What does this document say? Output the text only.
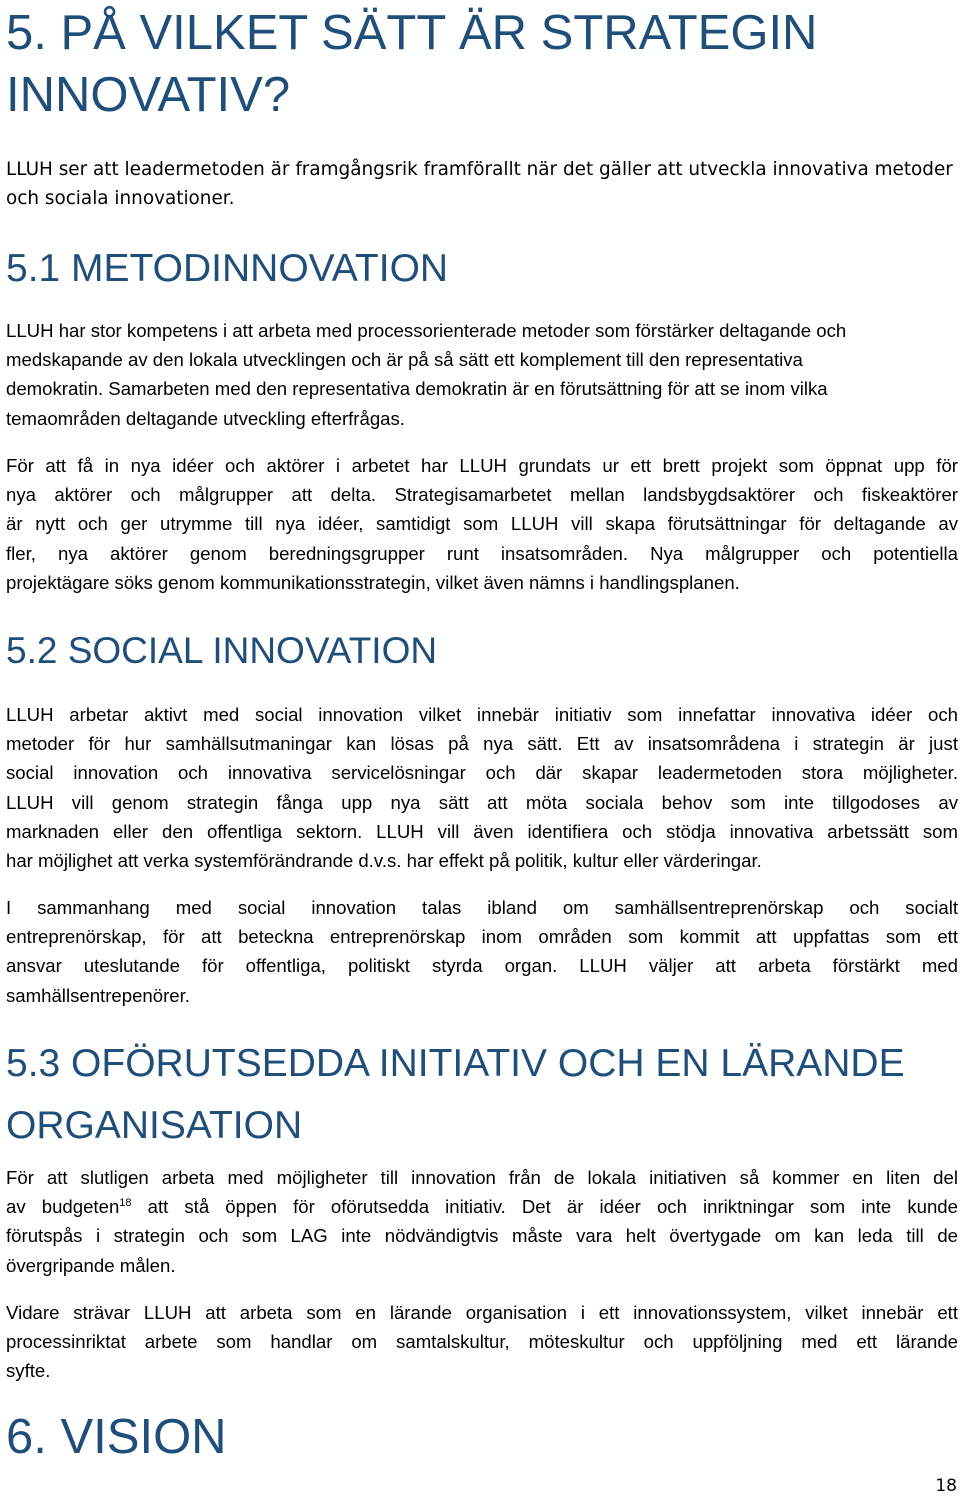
5. PÅ VILKET SÄTT ÄR STRATEGIN
INNOVATIV?
LLUH ser att leadermetoden är framgångsrik framförallt när det gäller att utveckla innovativa metoder
och sociala innovationer.
5.1 METODINNOVATION
LLUH har stor kompetens i att arbeta med processorienterade metoder som förstärker deltagande och
medskapande av den lokala utvecklingen och är på så sätt ett komplement till den representativa
demokratin. Samarbeten med den representativa demokratin är en förutsättning för att se inom vilka
temaområden deltagande utveckling efterfrågas.
För att få in nya idéer och aktörer i arbetet har LLUH grundats ur ett brett projekt som öppnat upp för
nya aktörer och målgrupper att delta. Strategisamarbetet mellan landsbygdsaktörer och fiskeaktörer
är nytt och ger utrymme till nya idéer, samtidigt som LLUH vill skapa förutsättningar för deltagande av
fler, nya aktörer genom beredningsgrupper runt insatsområden. Nya målgrupper och potentiella
projektägare söks genom kommunikationsstrategin, vilket även nämns i handlingsplanen.
5.2 SOCIAL INNOVATION
LLUH arbetar aktivt med social innovation vilket innebär initiativ som innefattar innovativa idéer och
metoder för hur samhällsutmaningar kan lösas på nya sätt. Ett av insatsområdena i strategin är just
social innovation och innovativa servicelösningar och där skapar leadermetoden stora möjligheter.
LLUH vill genom strategin fånga upp nya sätt att möta sociala behov som inte tillgodoses av
marknaden eller den offentliga sektorn. LLUH vill även identifiera och stödja innovativa arbetssätt som
har möjlighet att verka systemförändrande d.v.s. har effekt på politik, kultur eller värderingar.
I sammanhang med social innovation talas ibland om samhällsentreprenörskap och socialt
entreprenörskap, för att beteckna entreprenörskap inom områden som kommit att uppfattas som ett
ansvar uteslutande för offentliga, politiskt styrda organ. LLUH väljer att arbeta förstärkt med
samhällsentrepenörer.
5.3 OFÖRUTSEDDA INITIATIV OCH EN LÄRANDE
ORGANISATION
För att slutligen arbeta med möjligheter till innovation från de lokala initiativen så kommer en liten del
av budgeten$^{18}$ att stå öppen för oförutsedda initiativ. Det är idéer och inriktningar som inte kunde
förutspås i strategin och som LAG inte nödvändigtvis måste vara helt övertygade om kan leda till de
övergripande målen.
Vidare strävar LLUH att arbeta som en lärande organisation i ett innovationssystem, vilket innebär ett
processinriktat arbete som handlar om samtalskultur, möteskultur och uppföljning med ett lärande
syfte.
6. VISION
18
